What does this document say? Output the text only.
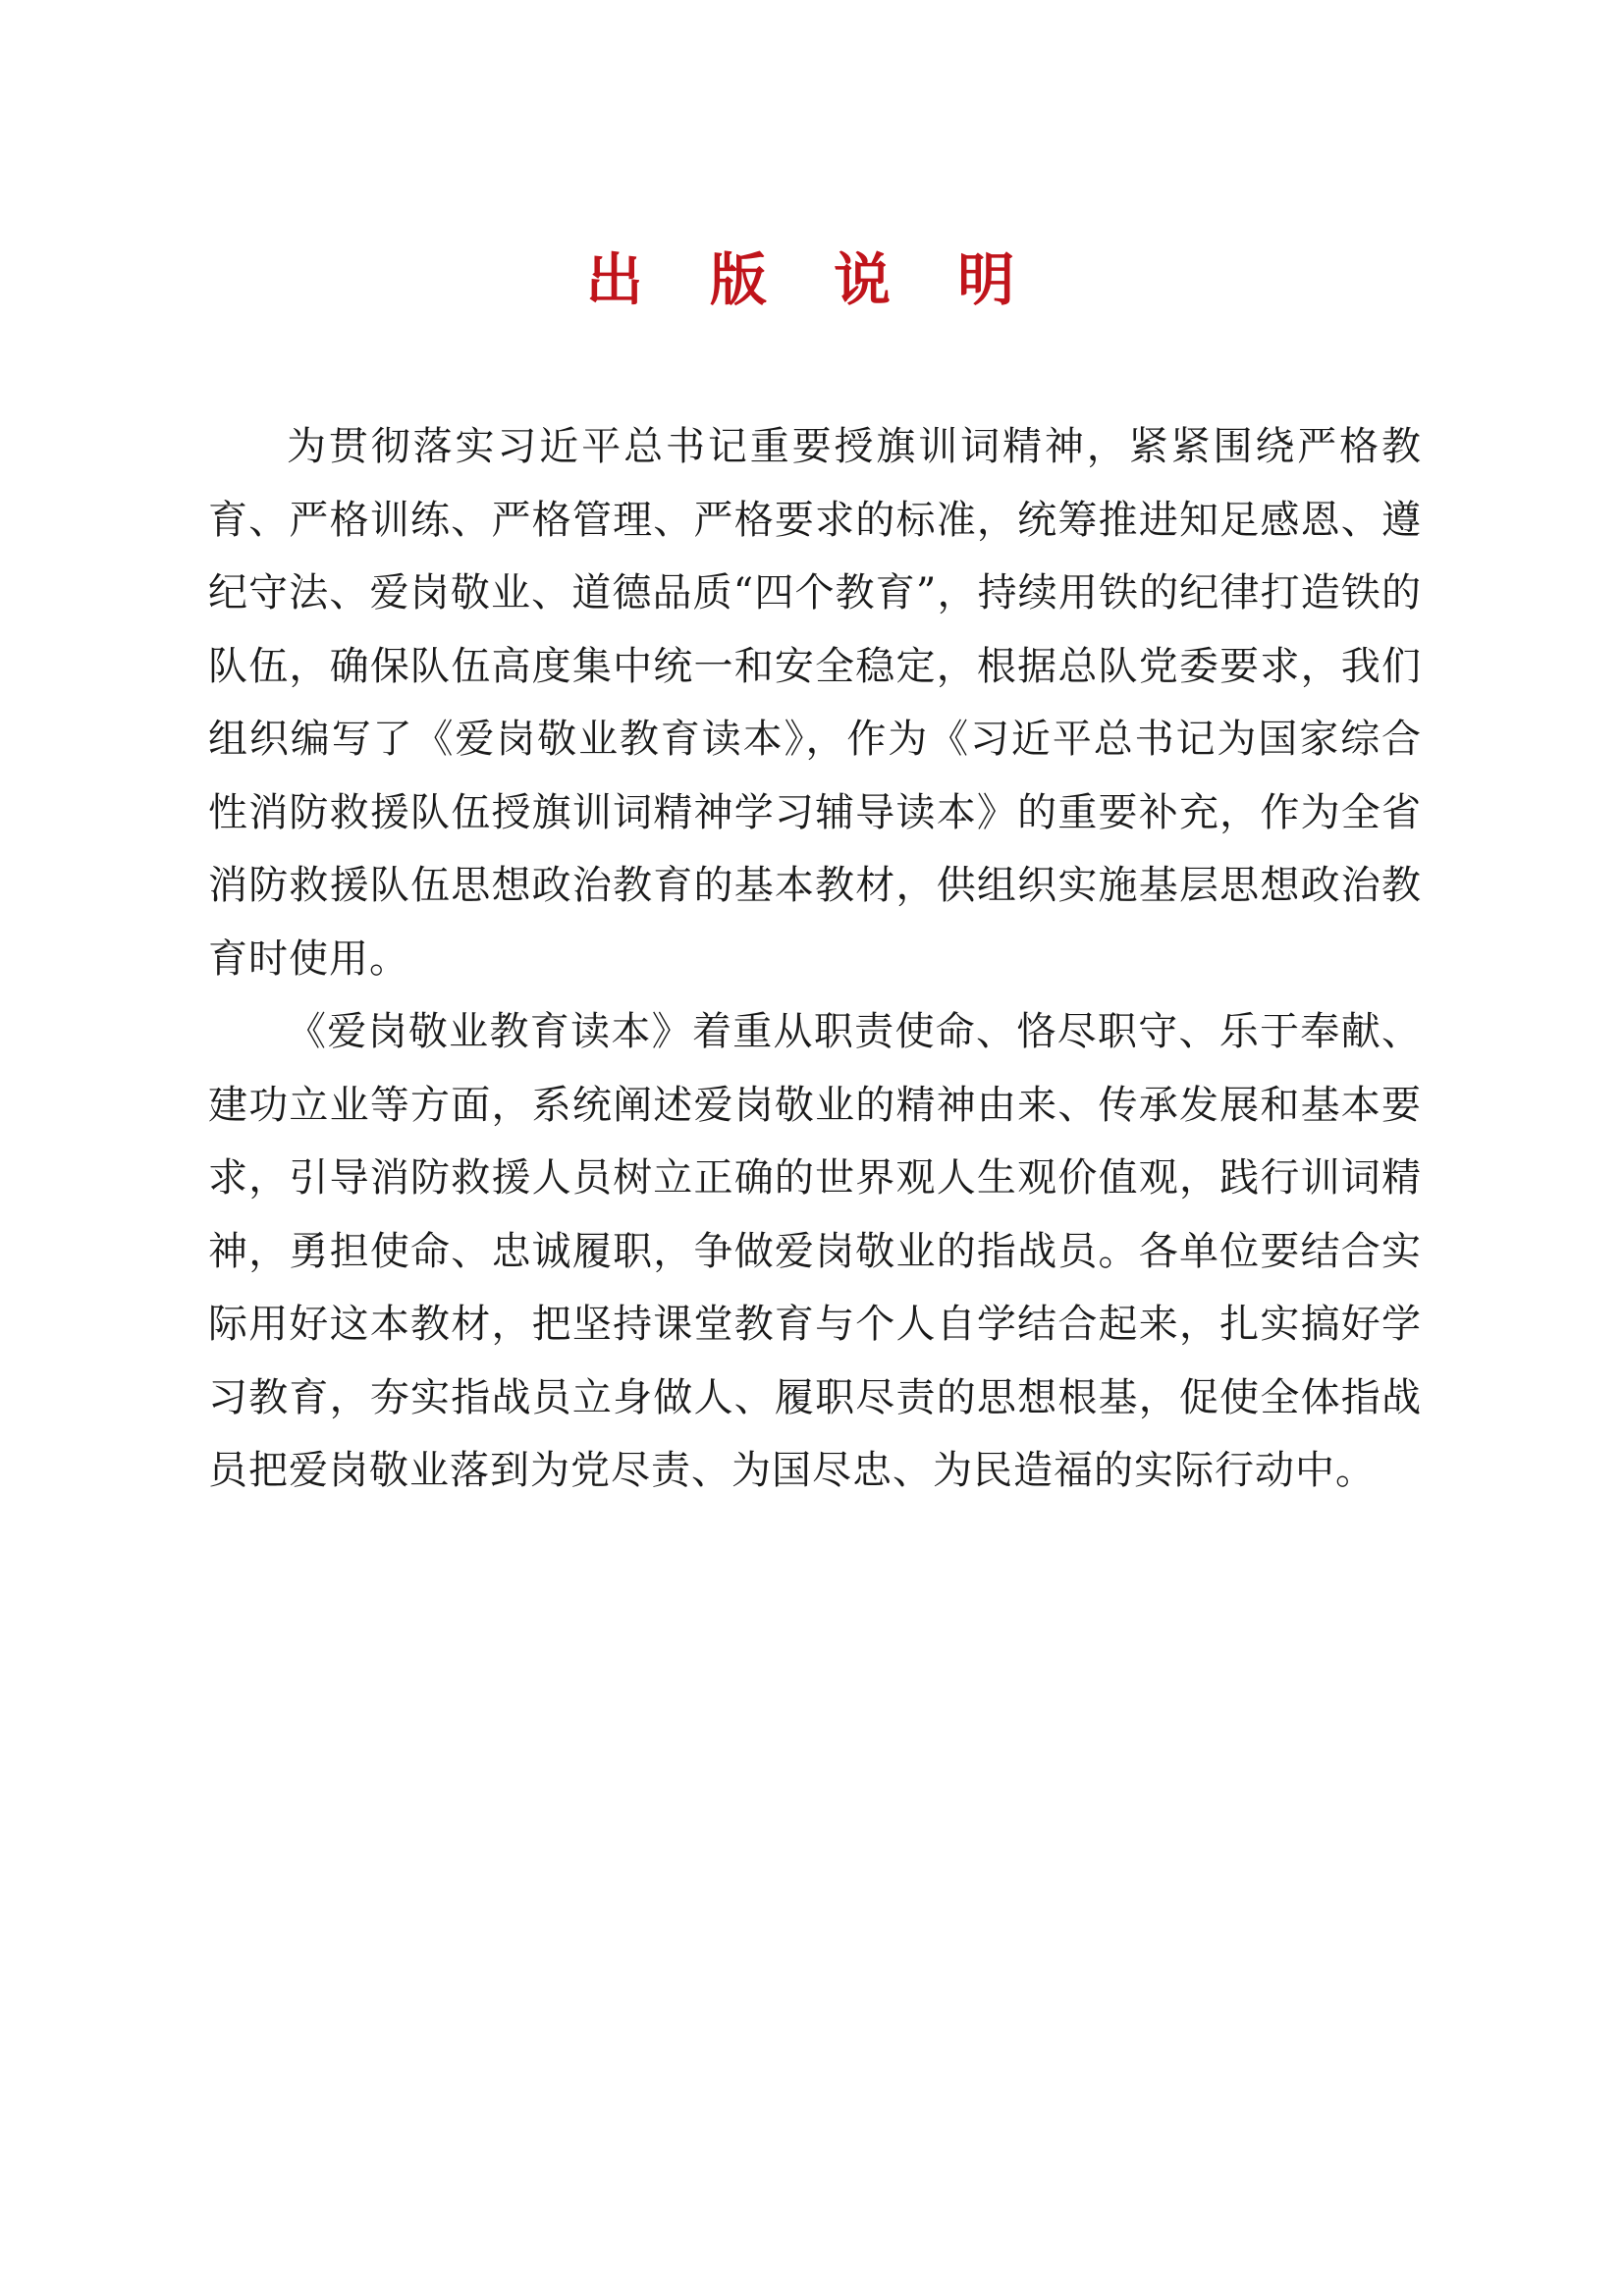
出 版 说 明

为贯彻落实习近平总书记重要授旗训词精神，紧紧围绕严格教育、严格训练、严格管理、严格要求的标准，统筹推进知足感恩、遵纪守法、爱岗敬业、道德品质“四个教育”，持续用铁的纪律打造铁的队伍，确保队伍高度集中统一和安全稳定，根据总队党委要求，我们组织编写了《爱岗敬业教育读本》，作为《习近平总书记为国家综合性消防救援队伍授旗训词精神学习辅导读本》的重要补充，作为全省消防救援队伍思想政治教育的基本教材，供组织实施基层思想政治教育时使用。

《爱岗敬业教育读本》着重从职责使命、恪尽职守、乐于奉献、建功立业等方面，系统阐述爱岗敬业的精神由来、传承发展和基本要求，引导消防救援人员树立正确的世界观人生观价值观，践行训词精神，勇担使命、忠诚履职，争做爱岗敬业的指战员。各单位要结合实际用好这本教材，把坚持课堂教育与个人自学结合起来，扎实搞好学习教育，夯实指战员立身做人、履职尽责的思想根基，促使全体指战员把爱岗敬业落到为党尽责、为国尽忠、为民造福的实际行动中。
